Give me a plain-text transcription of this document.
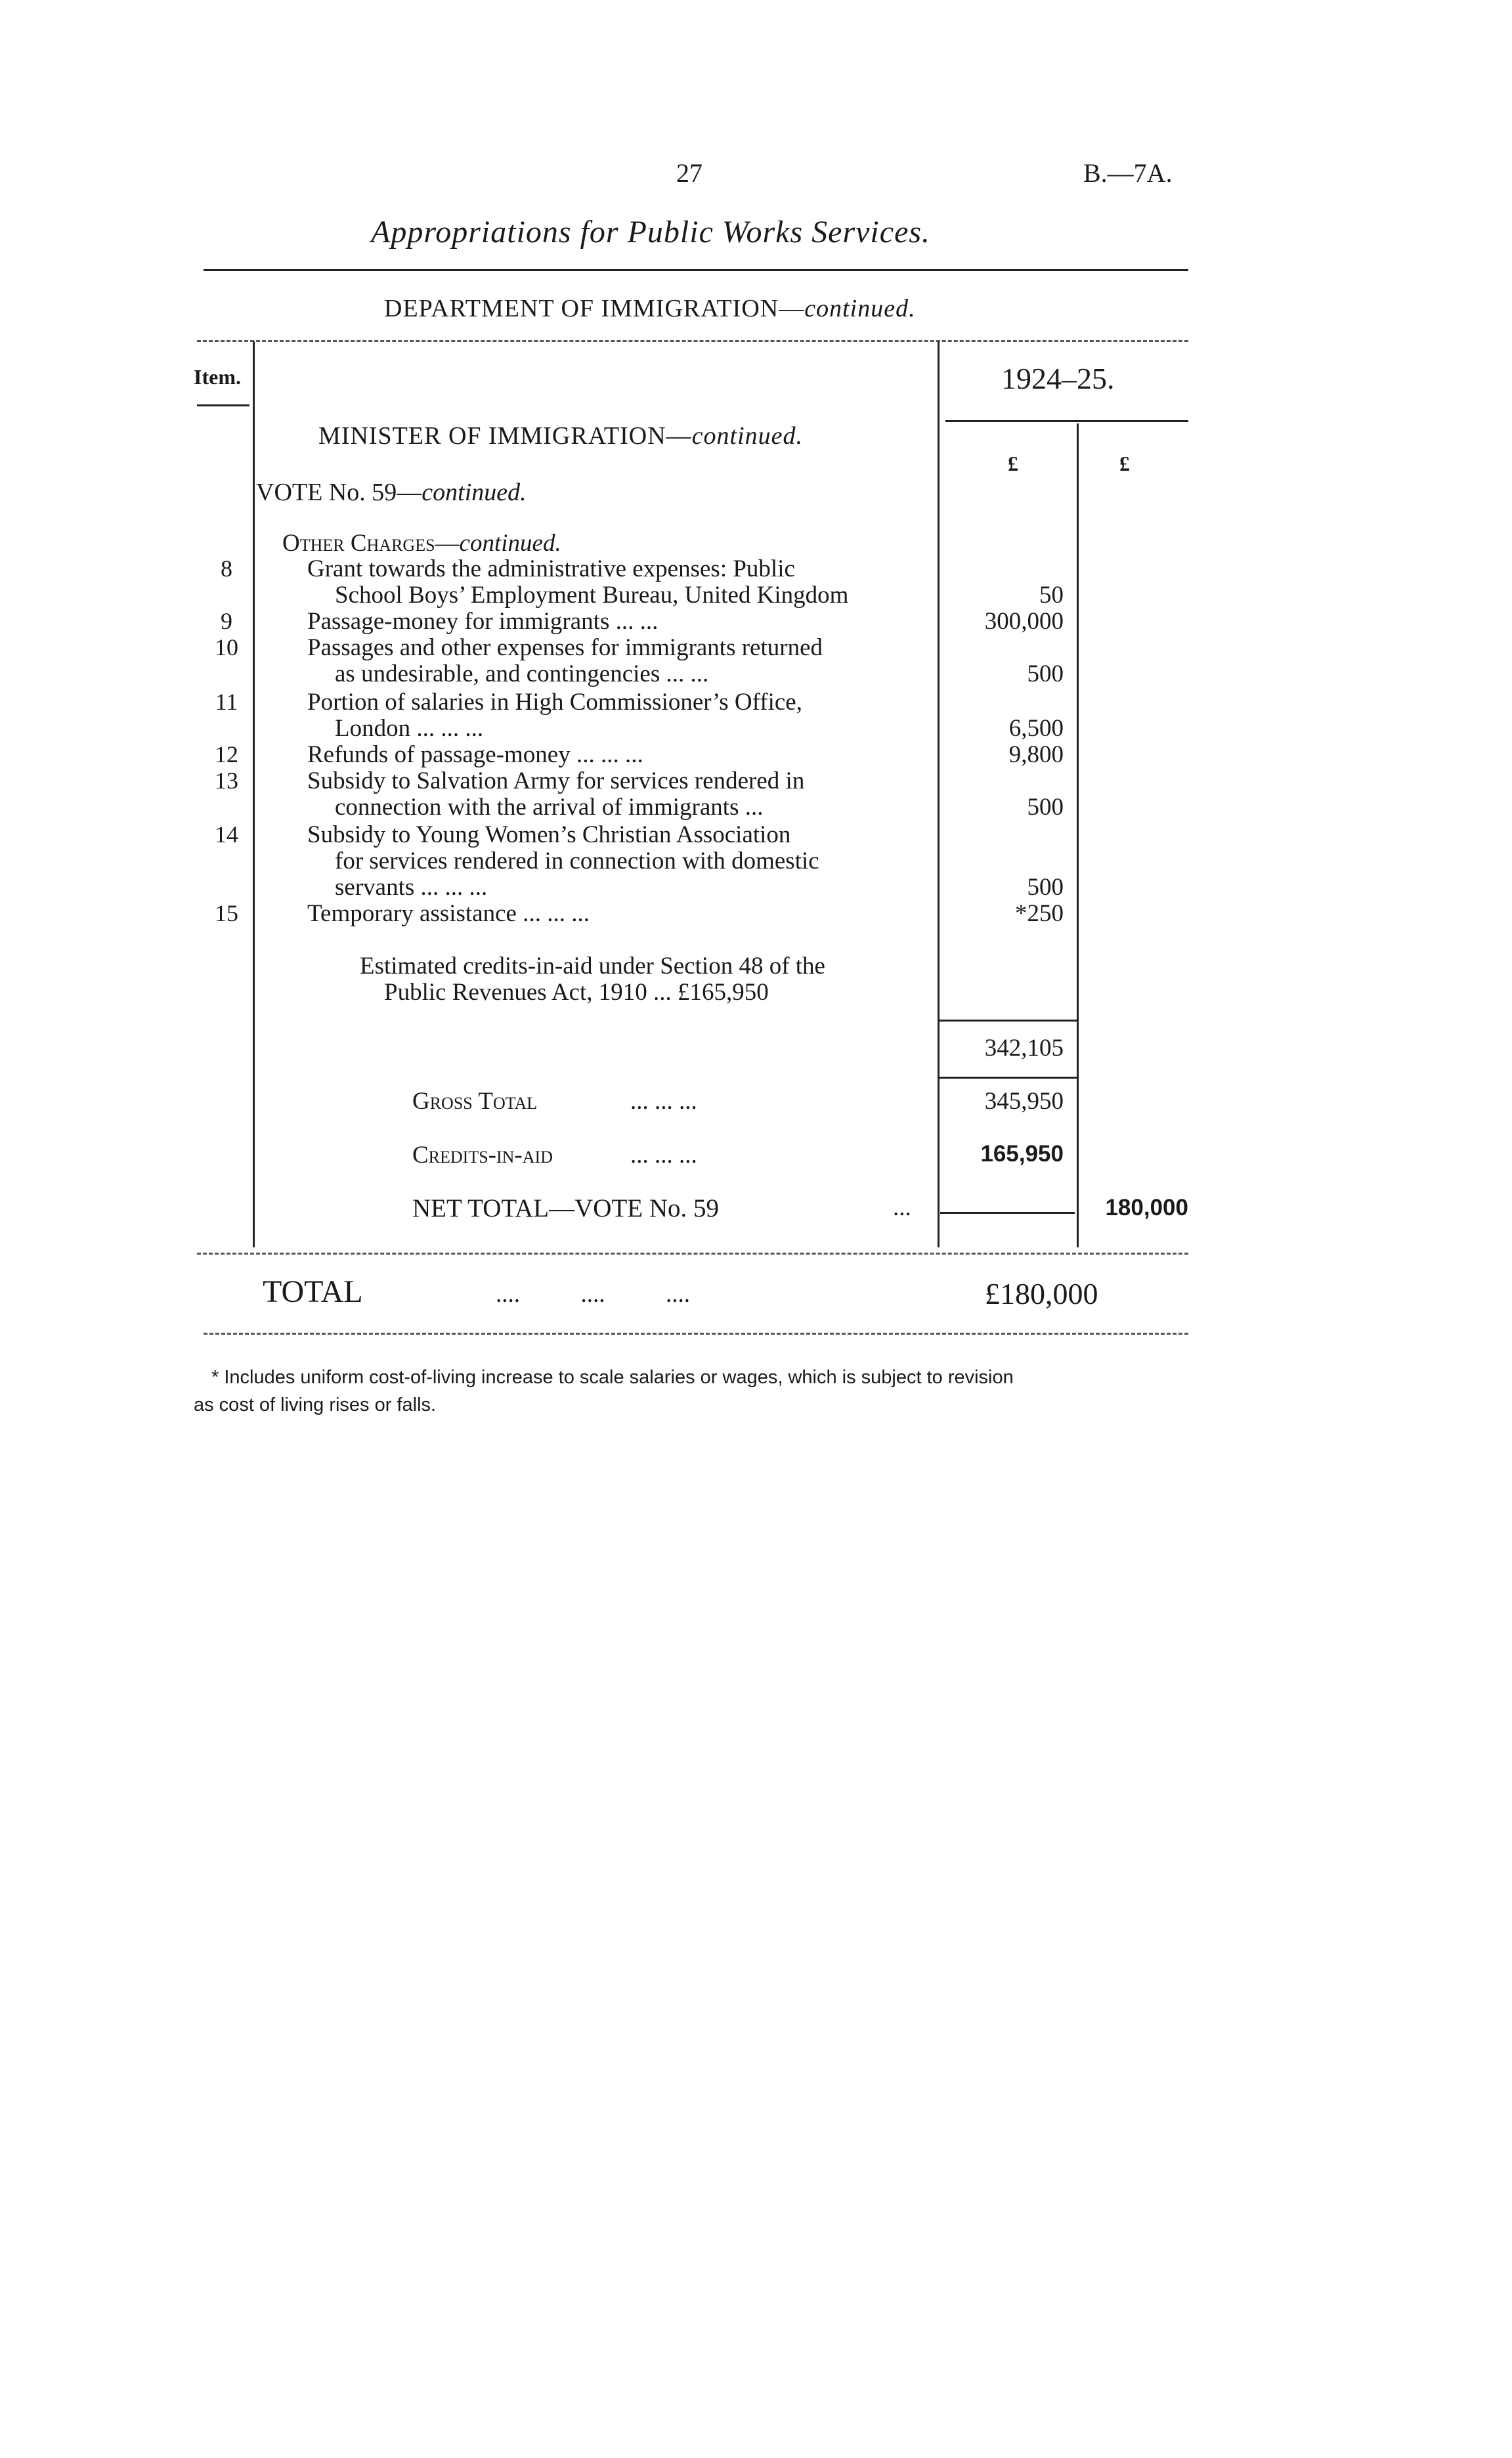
27	B.—7A.
Appropriations for Public Works Services.
DEPARTMENT OF IMMIGRATION—continued.
Item.	1924–25.
£	£
MINISTER OF IMMIGRATION—continued.
VOTE No. 59—continued.
Other Charges—continued.
8	Grant towards the administrative expenses: Public
School Boys’ Employment Bureau, United Kingdom	50
9	Passage-money for immigrants ... ...	300,000
10	Passages and other expenses for immigrants returned
as undesirable, and contingencies ... ...	500
11	Portion of salaries in High Commissioner’s Office,
London ... ... ...	6,500
12	Refunds of passage-money ... ... ...	9,800
13	Subsidy to Salvation Army for services rendered in
connection with the arrival of immigrants ...	500
14	Subsidy to Young Women’s Christian Association
for services rendered in connection with domestic
servants ... ... ...	500
15	Temporary assistance ... ... ...	*250
Estimated credits-in-aid under Section 48 of the
Public Revenues Act, 1910 ... £165,950
342,105
Gross Total	... ... ...	345,950
Credits-in-aid	... ... ...	165,950
NET TOTAL—VOTE No. 59	...	180,000
TOTAL	....          ....          ....	£180,000
* Includes uniform cost-of-living increase to scale salaries or wages, which is subject to revision
as cost of living rises or falls.
